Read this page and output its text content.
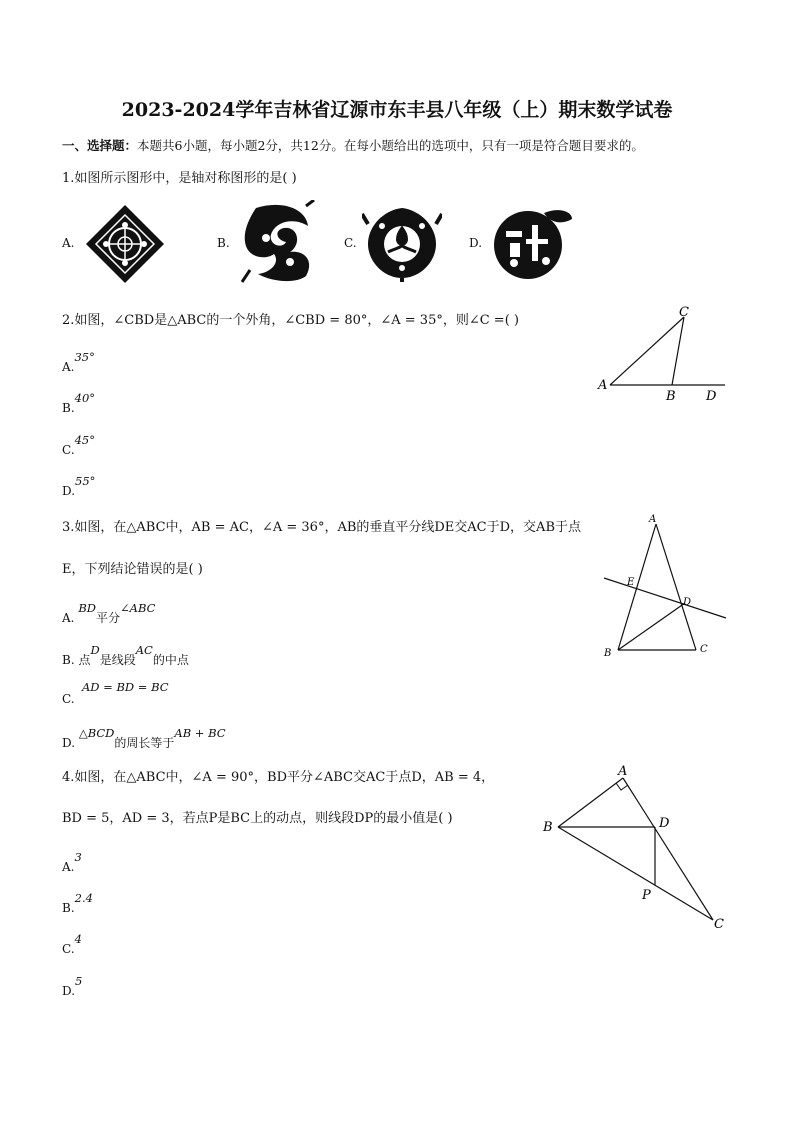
2023-2024学年吉林省辽源市东丰县八年级（上）期末数学试卷
一、选择题：本题共6小题，每小题2分，共12分。在每小题给出的选项中，只有一项是符合题目要求的。
1.如图所示图形中，是轴对称图形的是( )
A.	B.	C.	D.
2.如图，∠CBD是△ABC的一个外角，∠CBD = 80°，∠A = 35°，则∠C =( )
A.35°
B.40°
C.45°
D.55°
A
B
C
D
3.如图，在△ABC中，AB = AC，∠A = 36°，AB的垂直平分线DE交AC于D，交AB于点
E，下列结论错误的是( )
A. BD平分∠ABC
B. 点D是线段AC的中点
AD = BD = BC
C.
D. △BCD的周长等于AB + BC
A
B	C
D
E
4.如图，在△ABC中，∠A = 90°，BD平分∠ABC交AC于点D，AB = 4，
BD = 5，AD = 3，若点P是BC上的动点，则线段DP的最小值是( )
A.3
B.2.4
C.4
D.5
A
B
C
D
P
